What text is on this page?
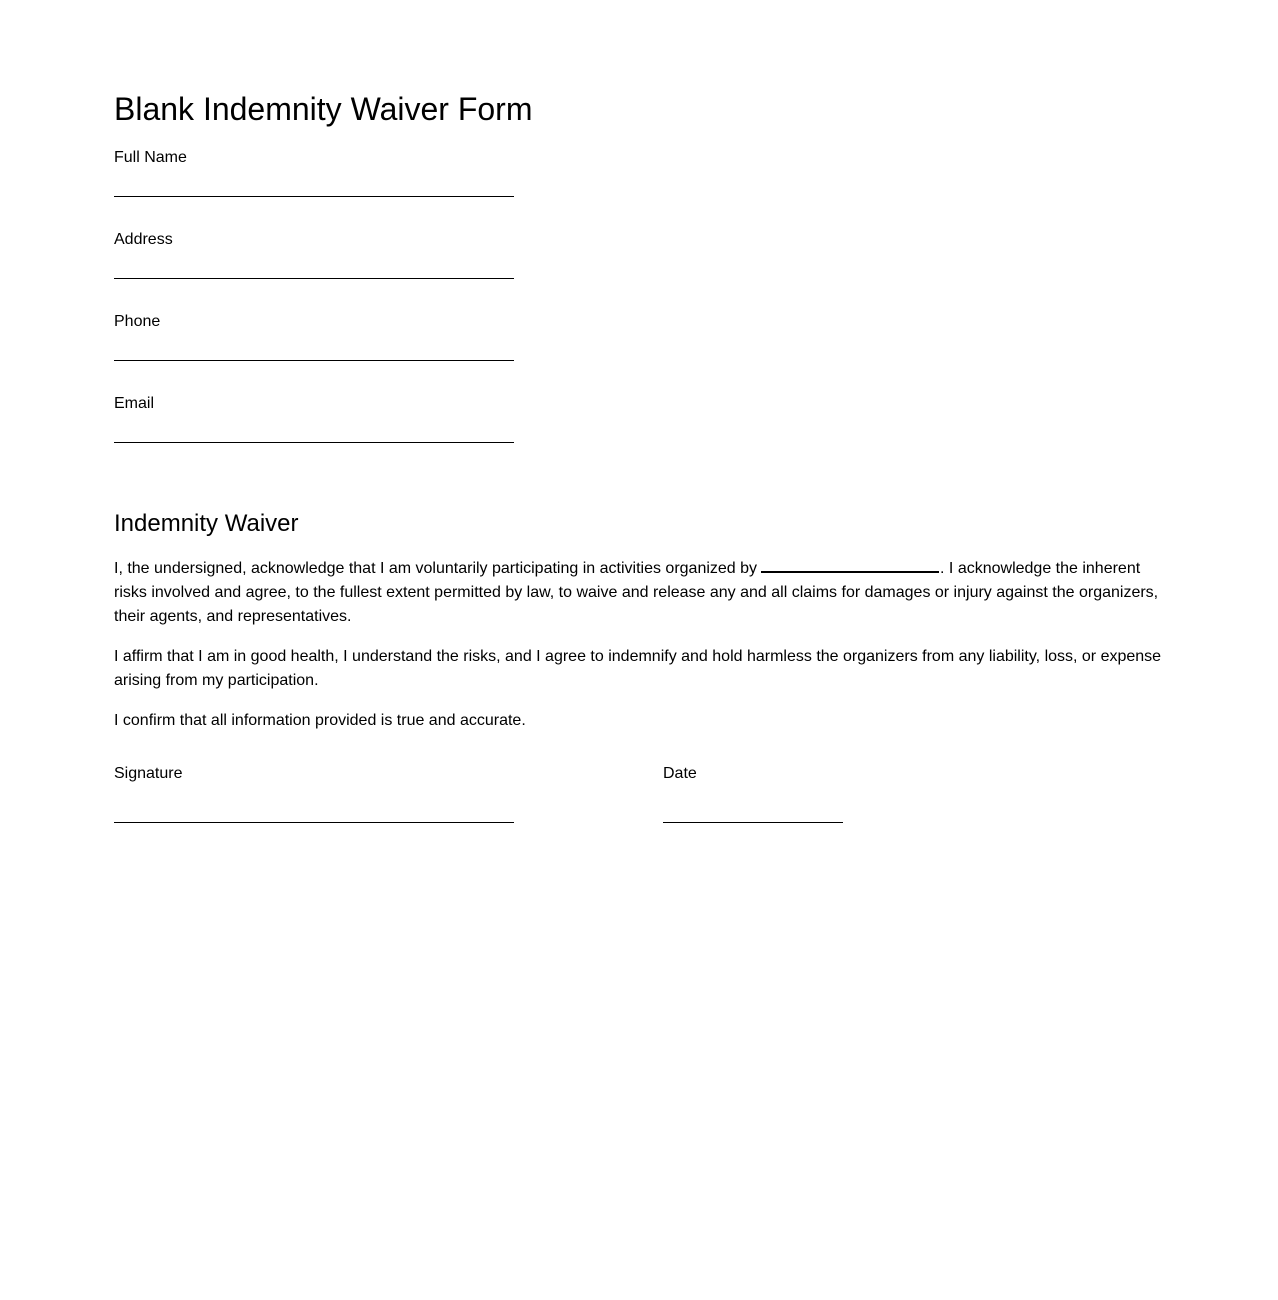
Blank Indemnity Waiver Form
Full Name
Address
Phone
Email
Indemnity Waiver

I, the undersigned, acknowledge that I am voluntarily participating in activities organized by	. I acknowledge the inherent risks involved and agree, to the fullest extent permitted by law, to waive and release any and all claims for damages or injury against the organizers, their agents, and representatives.

I affirm that I am in good health, I understand the risks, and I agree to indemnify and hold harmless the organizers from any liability, loss, or expense arising from my participation.

I confirm that all information provided is true and accurate.

Signature	Date
